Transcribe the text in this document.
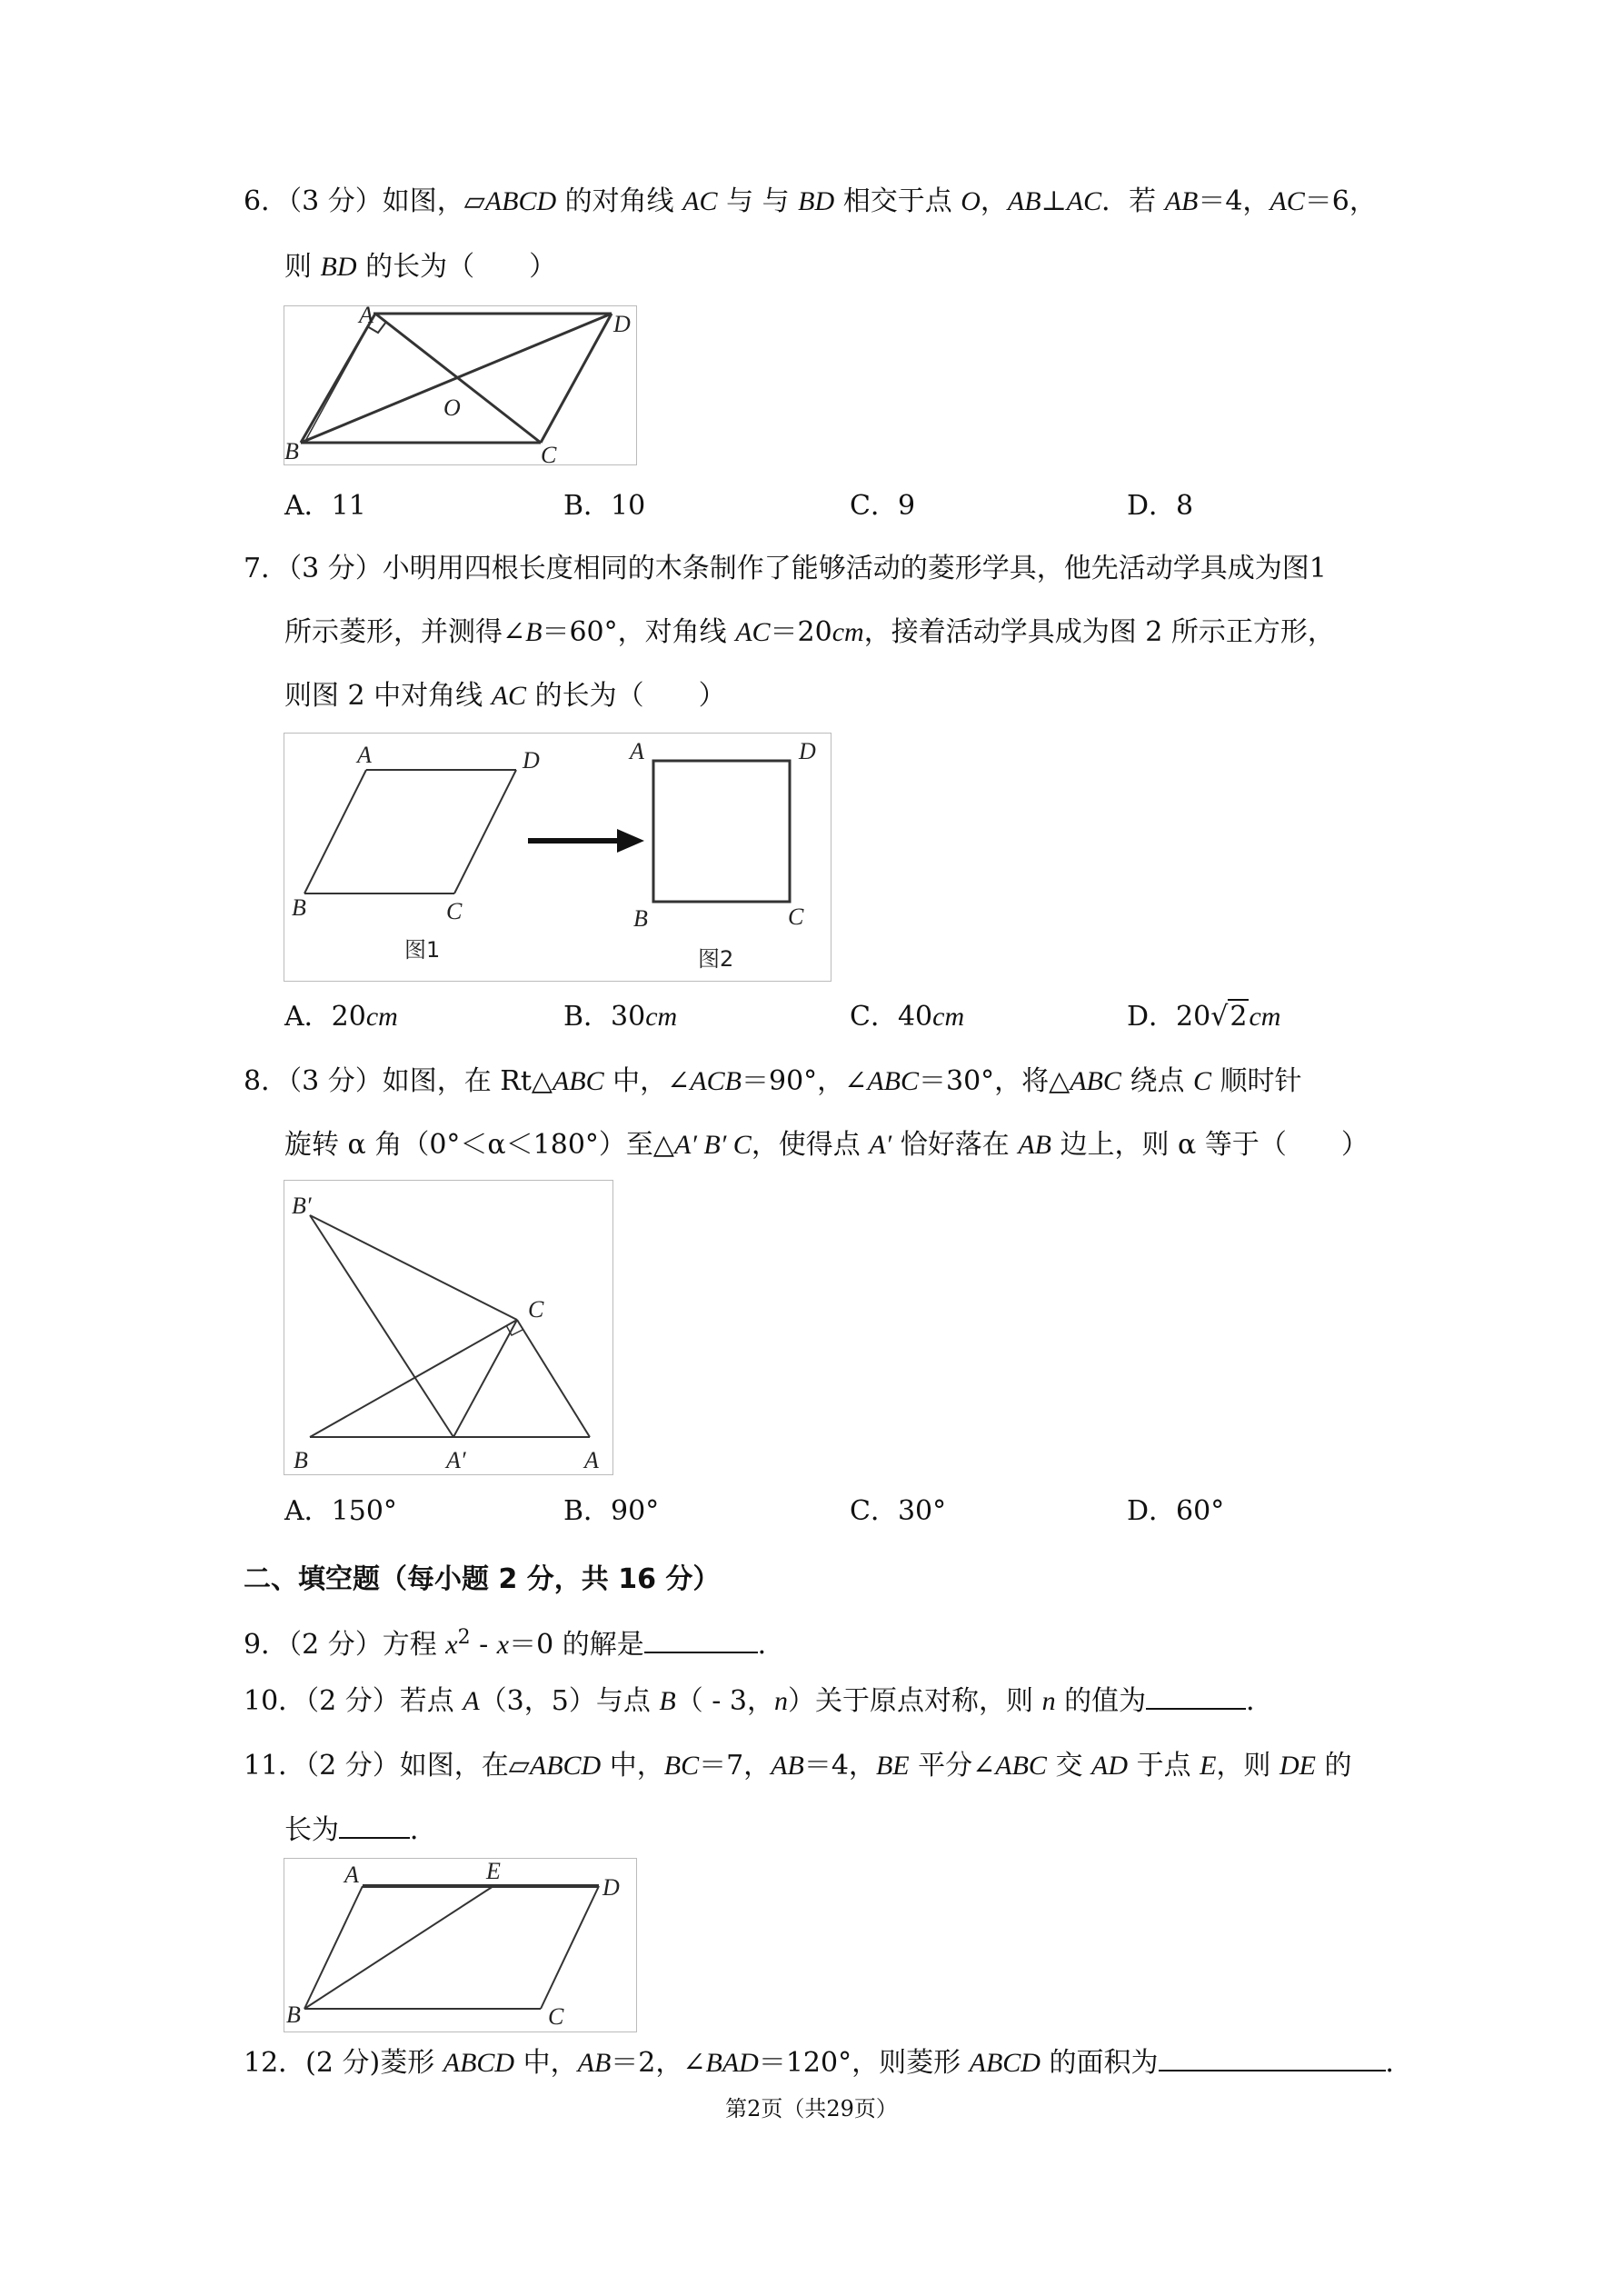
6．（3 分）如图，▱ABCD 的对角线 AC 与 与 BD 相交于点 O，AB⊥AC．若 AB＝4，AC＝6，
则 BD 的长为（　　）
A	D
B	C
O
A．11	B．10	C．9	D．8
7．（3 分）小明用四根长度相同的木条制作了能够活动的菱形学具，他先活动学具成为图1
所示菱形，并测得∠B＝60°，对角线 AC＝20cm，接着活动学具成为图 2 所示正方形，
则图 2 中对角线 AC 的长为（　　）
A	D
B	C
A	D
B	C
图1	图2
A．20cm	B．30cm	C．40cm	D．20√2cm
8．（3 分）如图，在 Rt△ABC 中，∠ACB＝90°，∠ABC＝30°，将△ABC 绕点 C 顺时针
旋转 α 角（0°＜α＜180°）至△A′ B′ C，使得点 A′ 恰好落在 AB 边上，则 α 等于（　　）
B′
C
B	A′	A
A．150°	B．90°	C．30°	D．60°
二、填空题（每小题 2 分，共 16 分）
9．（2 分）方程 $x^2 - x=0$ 的解是	．
10．（2 分）若点 A（3，5）与点 B（ - 3，n）关于原点对称，则 n 的值为	．
11．（2 分）如图，在▱ABCD 中，BC＝7，AB＝4，BE 平分∠ABC 交 AD 于点 E，则 DE 的
长为	．
A	E
D
B	C
12．(2 分)菱形 ABCD 中，AB＝2，∠BAD＝120°，则菱形 ABCD 的面积为	．
第2页（共29页）
